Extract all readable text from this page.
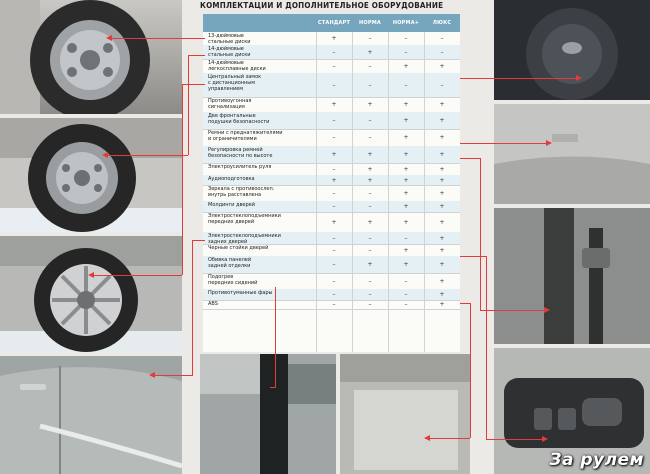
КОМПЛЕКТАЦИИ И ДОПОЛНИТЕЛЬНОЕ ОБОРУДОВАНИЕ
СТАНДАРТ	НОРМА	НОРМА+	ЛЮКС
13-дюймовые
стальные диски
+	–	–	–
14-дюймовые
стальные диски	–	+	–	–
14-дюймовые
легкосплавные диски	–	–	+	+
Центральный замок
с дистанционным
управлением
–	–	–	–
Противоугонная
сигнализация	+	+	+	+
Две фронтальные
подушки безопасности	–	–	+	+
Ремни с преднатяжителями
и ограничителями	–	–	+	+
Регулировка ремней
безопасности по высоте	+	+	+	+
Электроусилитель руля	–	+	+	+
Аудиоподготовка	+	+	+	+
Зеркала с противоослеп.
внутрь расставлена	–	–	+	+
Молдинги дверей	–	–	+	+
Электростеклоподъемники
передних дверей	+	+	+	+
Электростеклоподъемники
задних дверей
–	–	–	+
Черные стойки дверей	–	–	+	+
Обивка панелей
задней отделки	–	+	+	+
Подогрев
передних сидений	–	–	–	+
Противотуманные фары	–	–	–	+
ABS	–	–	–	+
За рулем
